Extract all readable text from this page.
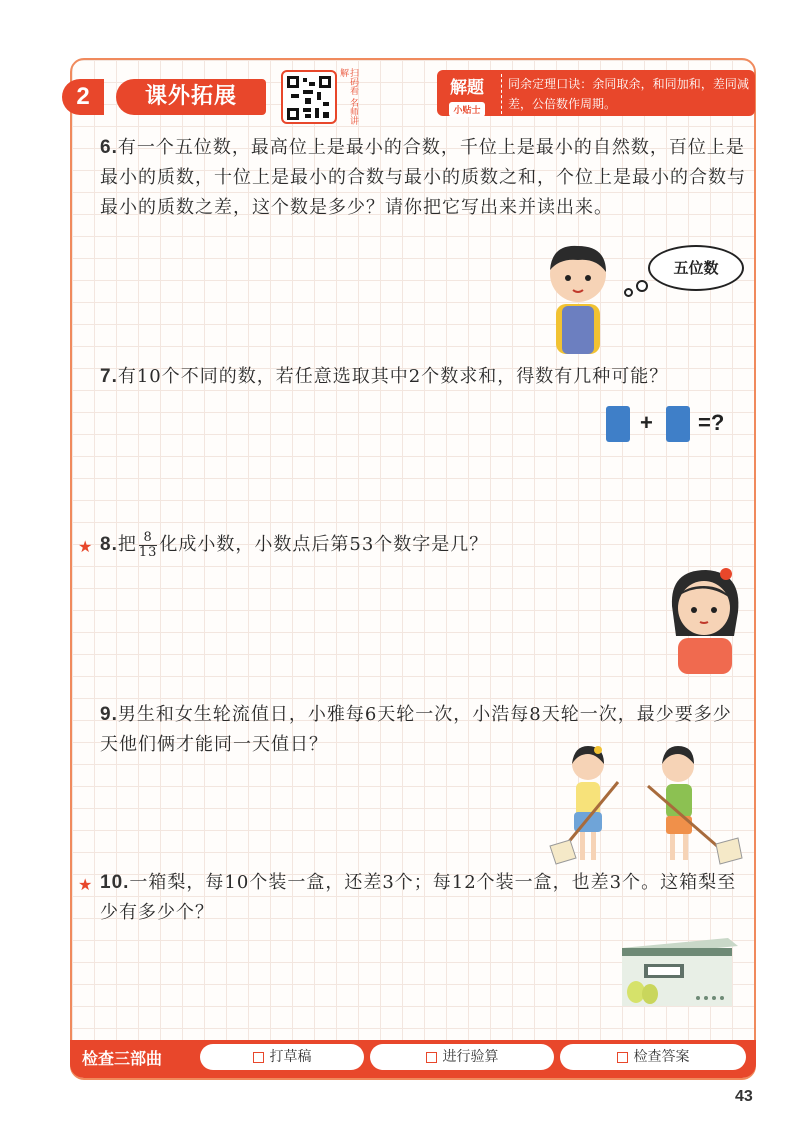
2	课外拓展	扫码看 名师讲解
解题
小贴士
同余定理口诀：余同取余，和同加和，差同减差，公倍数作周期。
6.有一个五位数，最高位上是最小的合数，千位上是最小的自然数，百位上是最小的质数，十位上是最小的合数与最小的质数之和，个位上是最小的合数与最小的质数之差，这个数是多少？请你把它写出来并读出来。
五位数
7.有10个不同的数，若任意选取其中2个数求和，得数有几种可能？
+ =?
★ 8.把 $\frac{8}{13}$ 化成小数，小数点后第53个数字是几？
9.男生和女生轮流值日，小雅每6天轮一次，小浩每8天轮一次，最少要多少天他们俩才能同一天值日？
★ 10.一箱梨，每10个装一盒，还差3个；每12个装一盒，也差3个。这箱梨至少有多少个？
检查三部曲	打草稿	进行验算	检查答案
43
